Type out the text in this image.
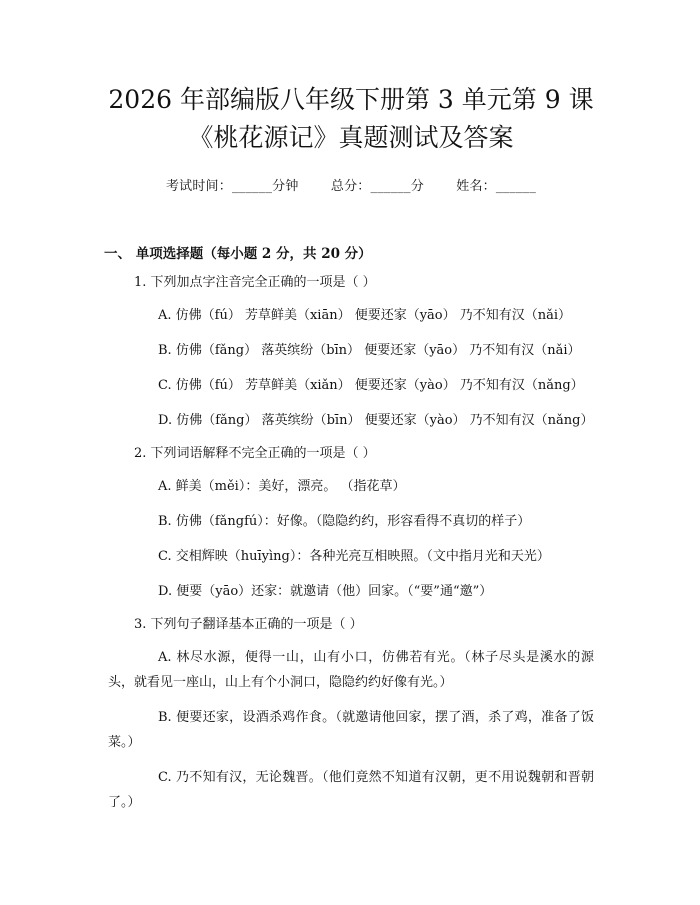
2026 年部编版八年级下册第 3 单元第 9 课
《桃花源记》真题测试及答案
考试时间：______分钟 总分：______分 姓名：______
一、 单项选择题（每小题 2 分，共 20 分）
1. 下列加点字注音完全正确的一项是（ ）
A. 仿佛（fú） 芳草鲜美（xiān） 便要还家（yāo） 乃不知有汉（nǎi）
B. 仿佛（fǎng） 落英缤纷（bīn） 便要还家（yāo） 乃不知有汉（nǎi）
C. 仿佛（fú） 芳草鲜美（xiǎn） 便要还家（yào） 乃不知有汉（nǎng）
D. 仿佛（fǎng） 落英缤纷（bīn） 便要还家（yào） 乃不知有汉（nǎng）
2. 下列词语解释不完全正确的一项是（ ）
A. 鲜美（měi）：美好，漂亮。 （指花草）
B. 仿佛（fǎngfú）：好像。（隐隐约约，形容看得不真切的样子）
C. 交相辉映（huīyìng）：各种光亮互相映照。（文中指月光和天光）
D. 便要（yāo）还家：就邀请（他）回家。（“要”通“邀”）
3. 下列句子翻译基本正确的一项是（ ）
A. 林尽水源，便得一山，山有小口，仿佛若有光。（林子尽头是溪水的源头，就看见一座山，山上有个小洞口，隐隐约约好像有光。）
B. 便要还家，设酒杀鸡作食。（就邀请他回家，摆了酒，杀了鸡，准备了饭菜。）
C. 乃不知有汉，无论魏晋。（他们竟然不知道有汉朝，更不用说魏朝和晋朝了。）
